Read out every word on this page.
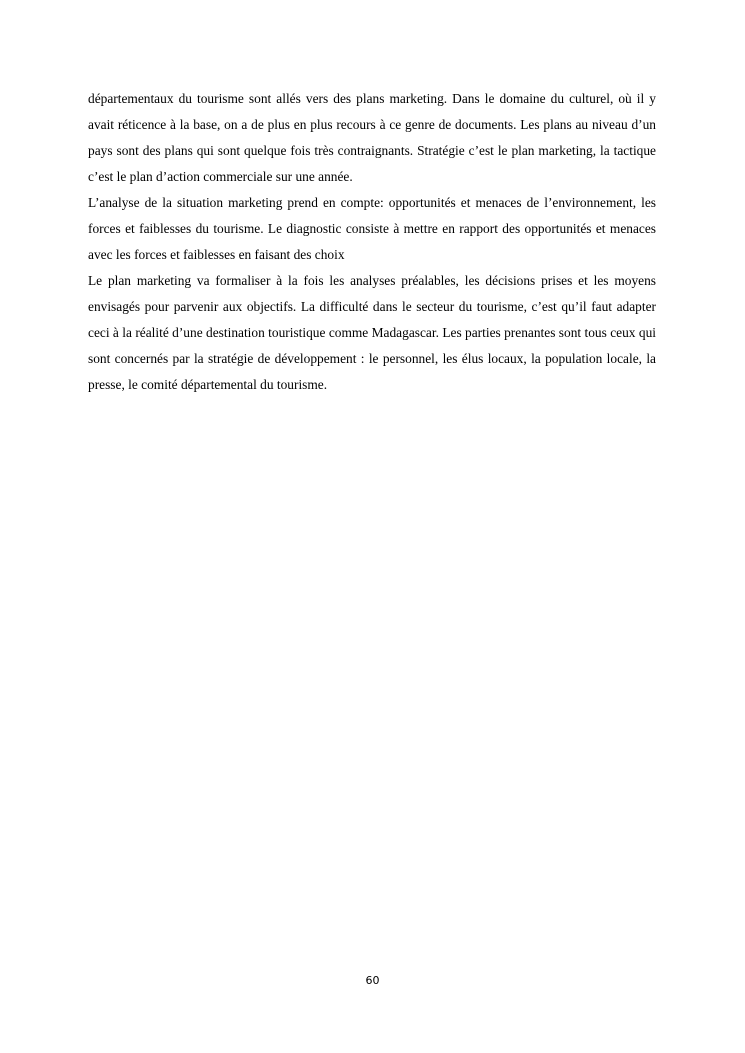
départementaux du tourisme sont allés vers des plans marketing. Dans le domaine du culturel, où il y avait réticence à la base, on a de plus en plus recours à ce genre de documents. Les plans au niveau d’un pays sont des plans qui sont quelque fois très contraignants. Stratégie c’est le plan marketing, la tactique c’est le plan d’action commerciale sur une année.

L’analyse de la situation marketing prend en compte: opportunités et menaces de l’environnement, les forces et faiblesses du tourisme. Le diagnostic consiste à mettre en rapport des opportunités et menaces avec les forces et faiblesses en faisant des choix

Le plan marketing va formaliser à la fois les analyses préalables, les décisions prises et les moyens envisagés pour parvenir aux objectifs. La difficulté dans le secteur du tourisme, c’est qu’il faut adapter ceci à la réalité d’une destination touristique comme Madagascar. Les parties prenantes sont tous ceux qui sont concernés par la stratégie de développement : le personnel, les élus locaux, la population locale, la presse, le comité départemental du tourisme.

60
